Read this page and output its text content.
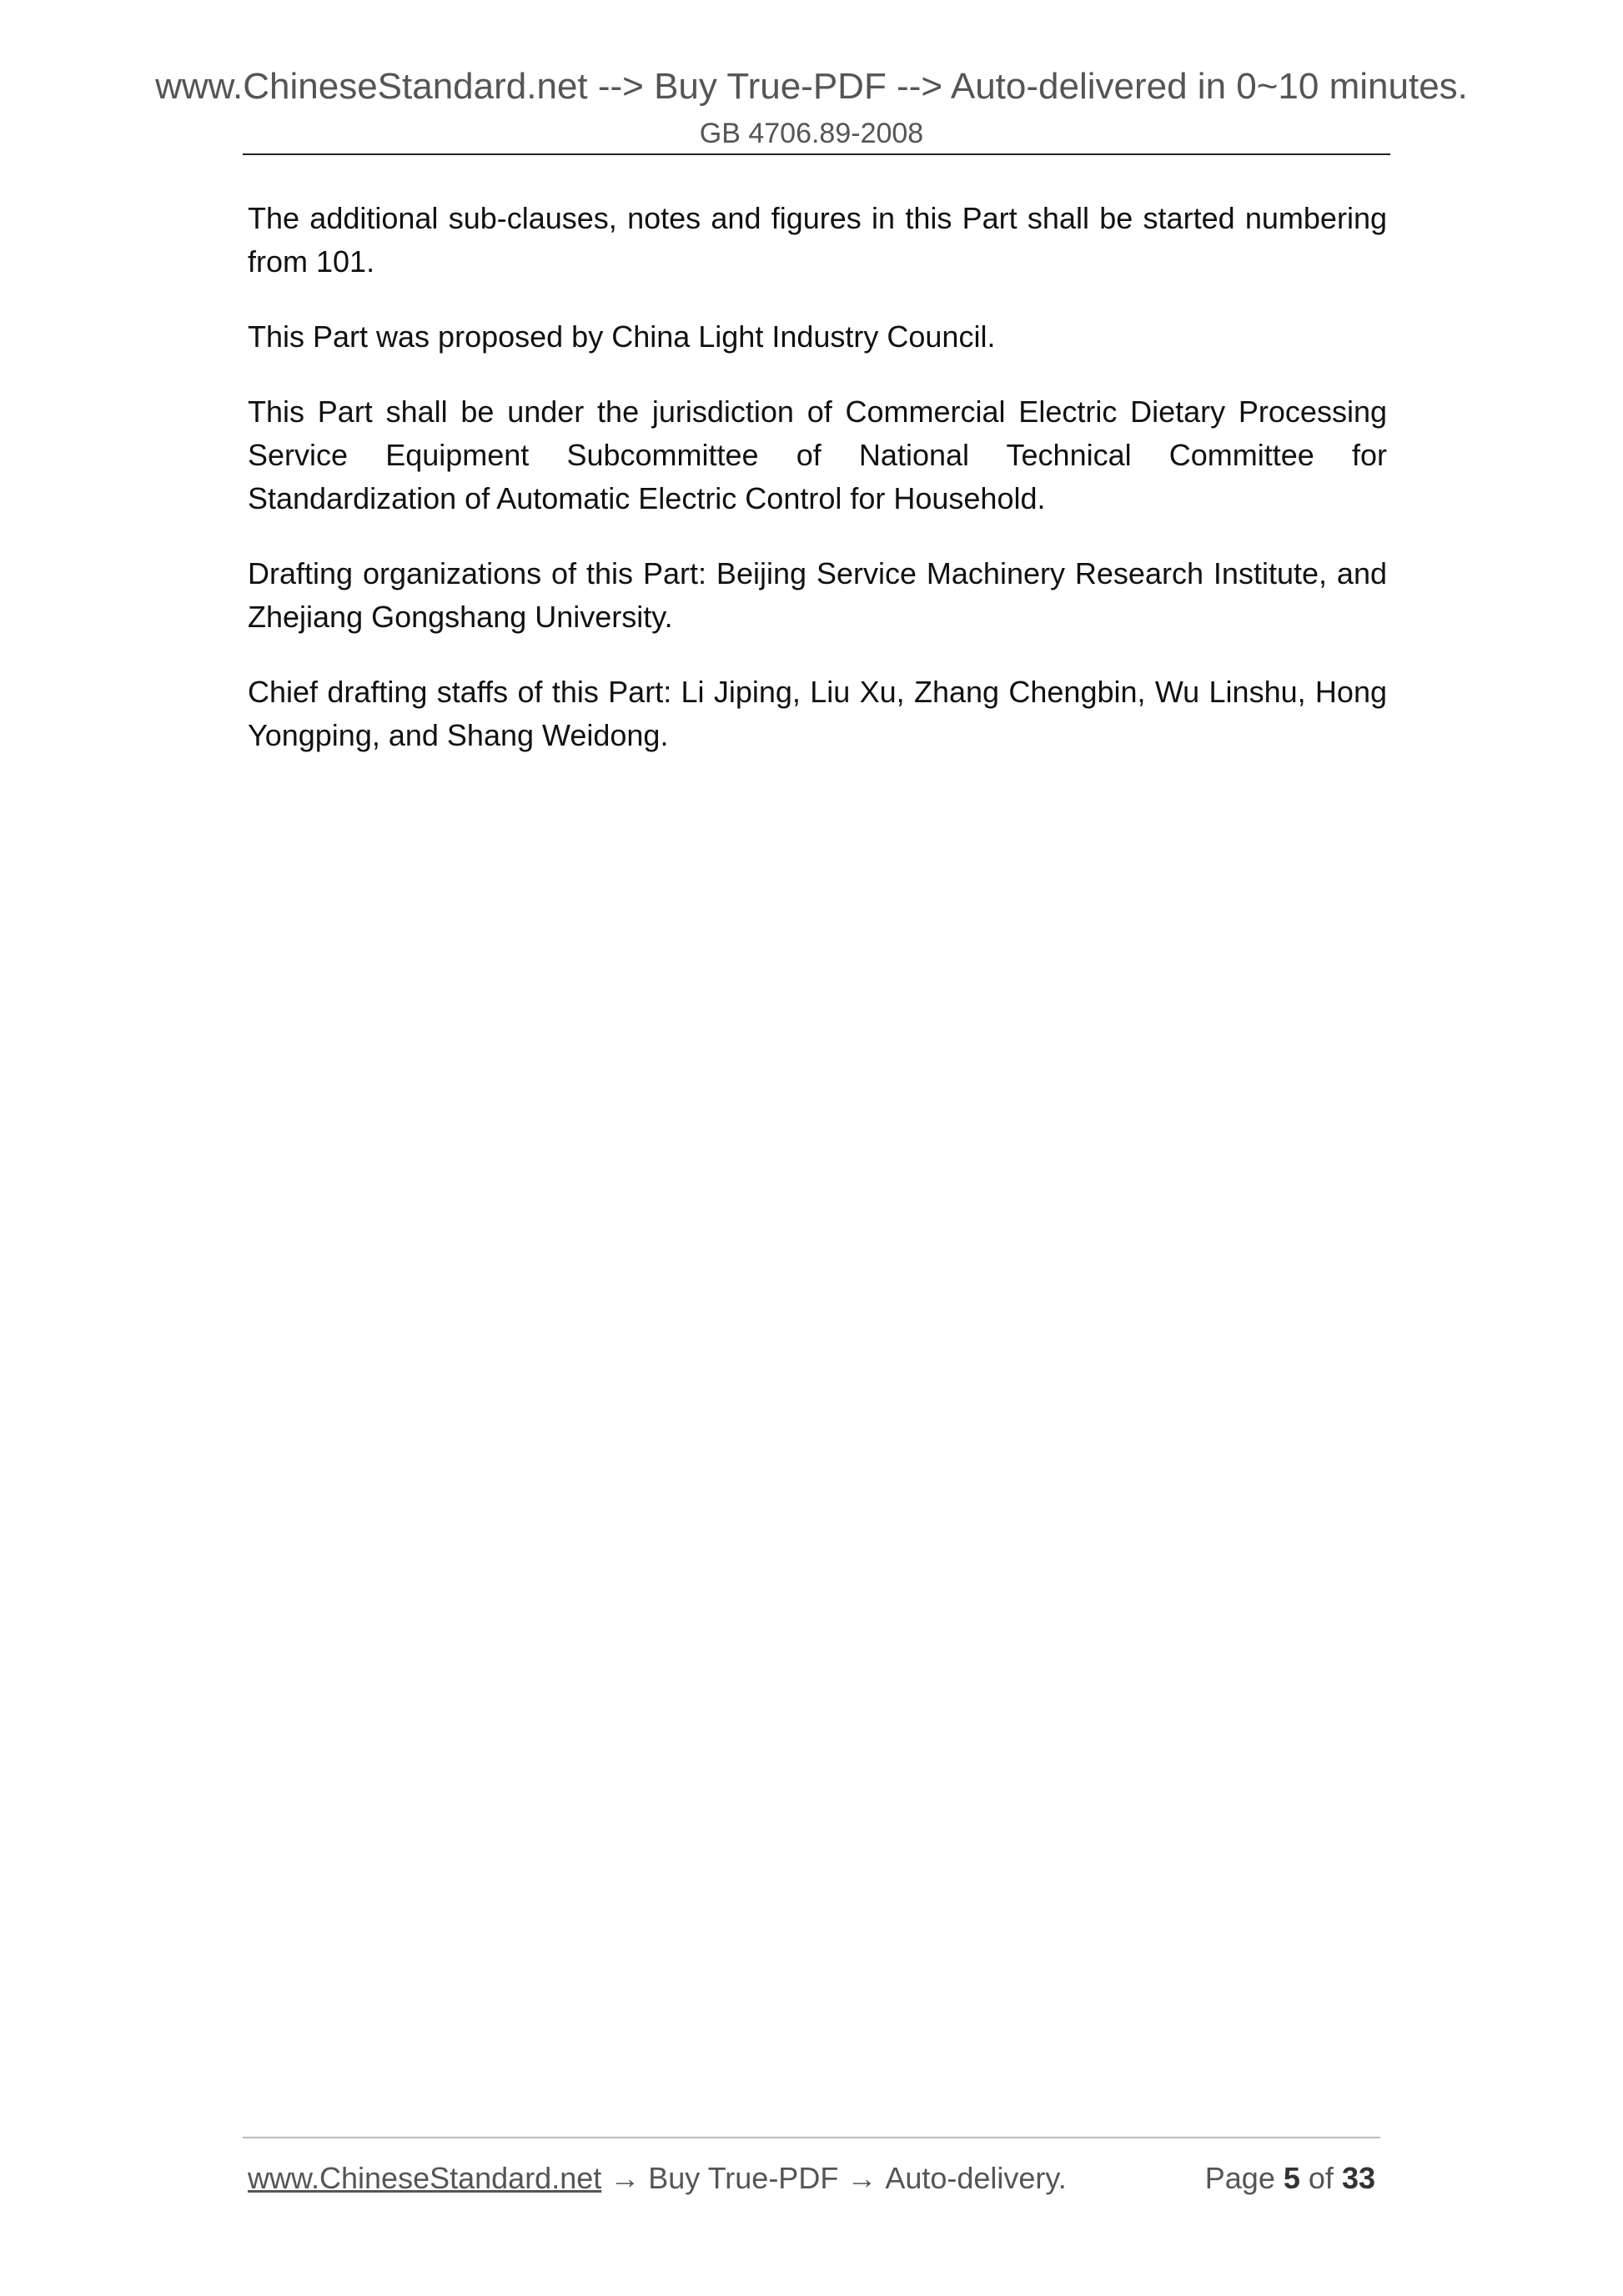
www.ChineseStandard.net --> Buy True-PDF --> Auto-delivered in 0~10 minutes.
GB 4706.89-2008

The additional sub-clauses, notes and figures in this Part shall be started numbering from 101.

This Part was proposed by China Light Industry Council.

This Part shall be under the jurisdiction of Commercial Electric Dietary Processing Service Equipment Subcommittee of National Technical Committee for Standardization of Automatic Electric Control for Household.

Drafting organizations of this Part: Beijing Service Machinery Research Institute, and Zhejiang Gongshang University.

Chief drafting staffs of this Part: Li Jiping, Liu Xu, Zhang Chengbin, Wu Linshu, Hong Yongping, and Shang Weidong.

www.ChineseStandard.net → Buy True-PDF → Auto-delivery.	Page 5 of 33
